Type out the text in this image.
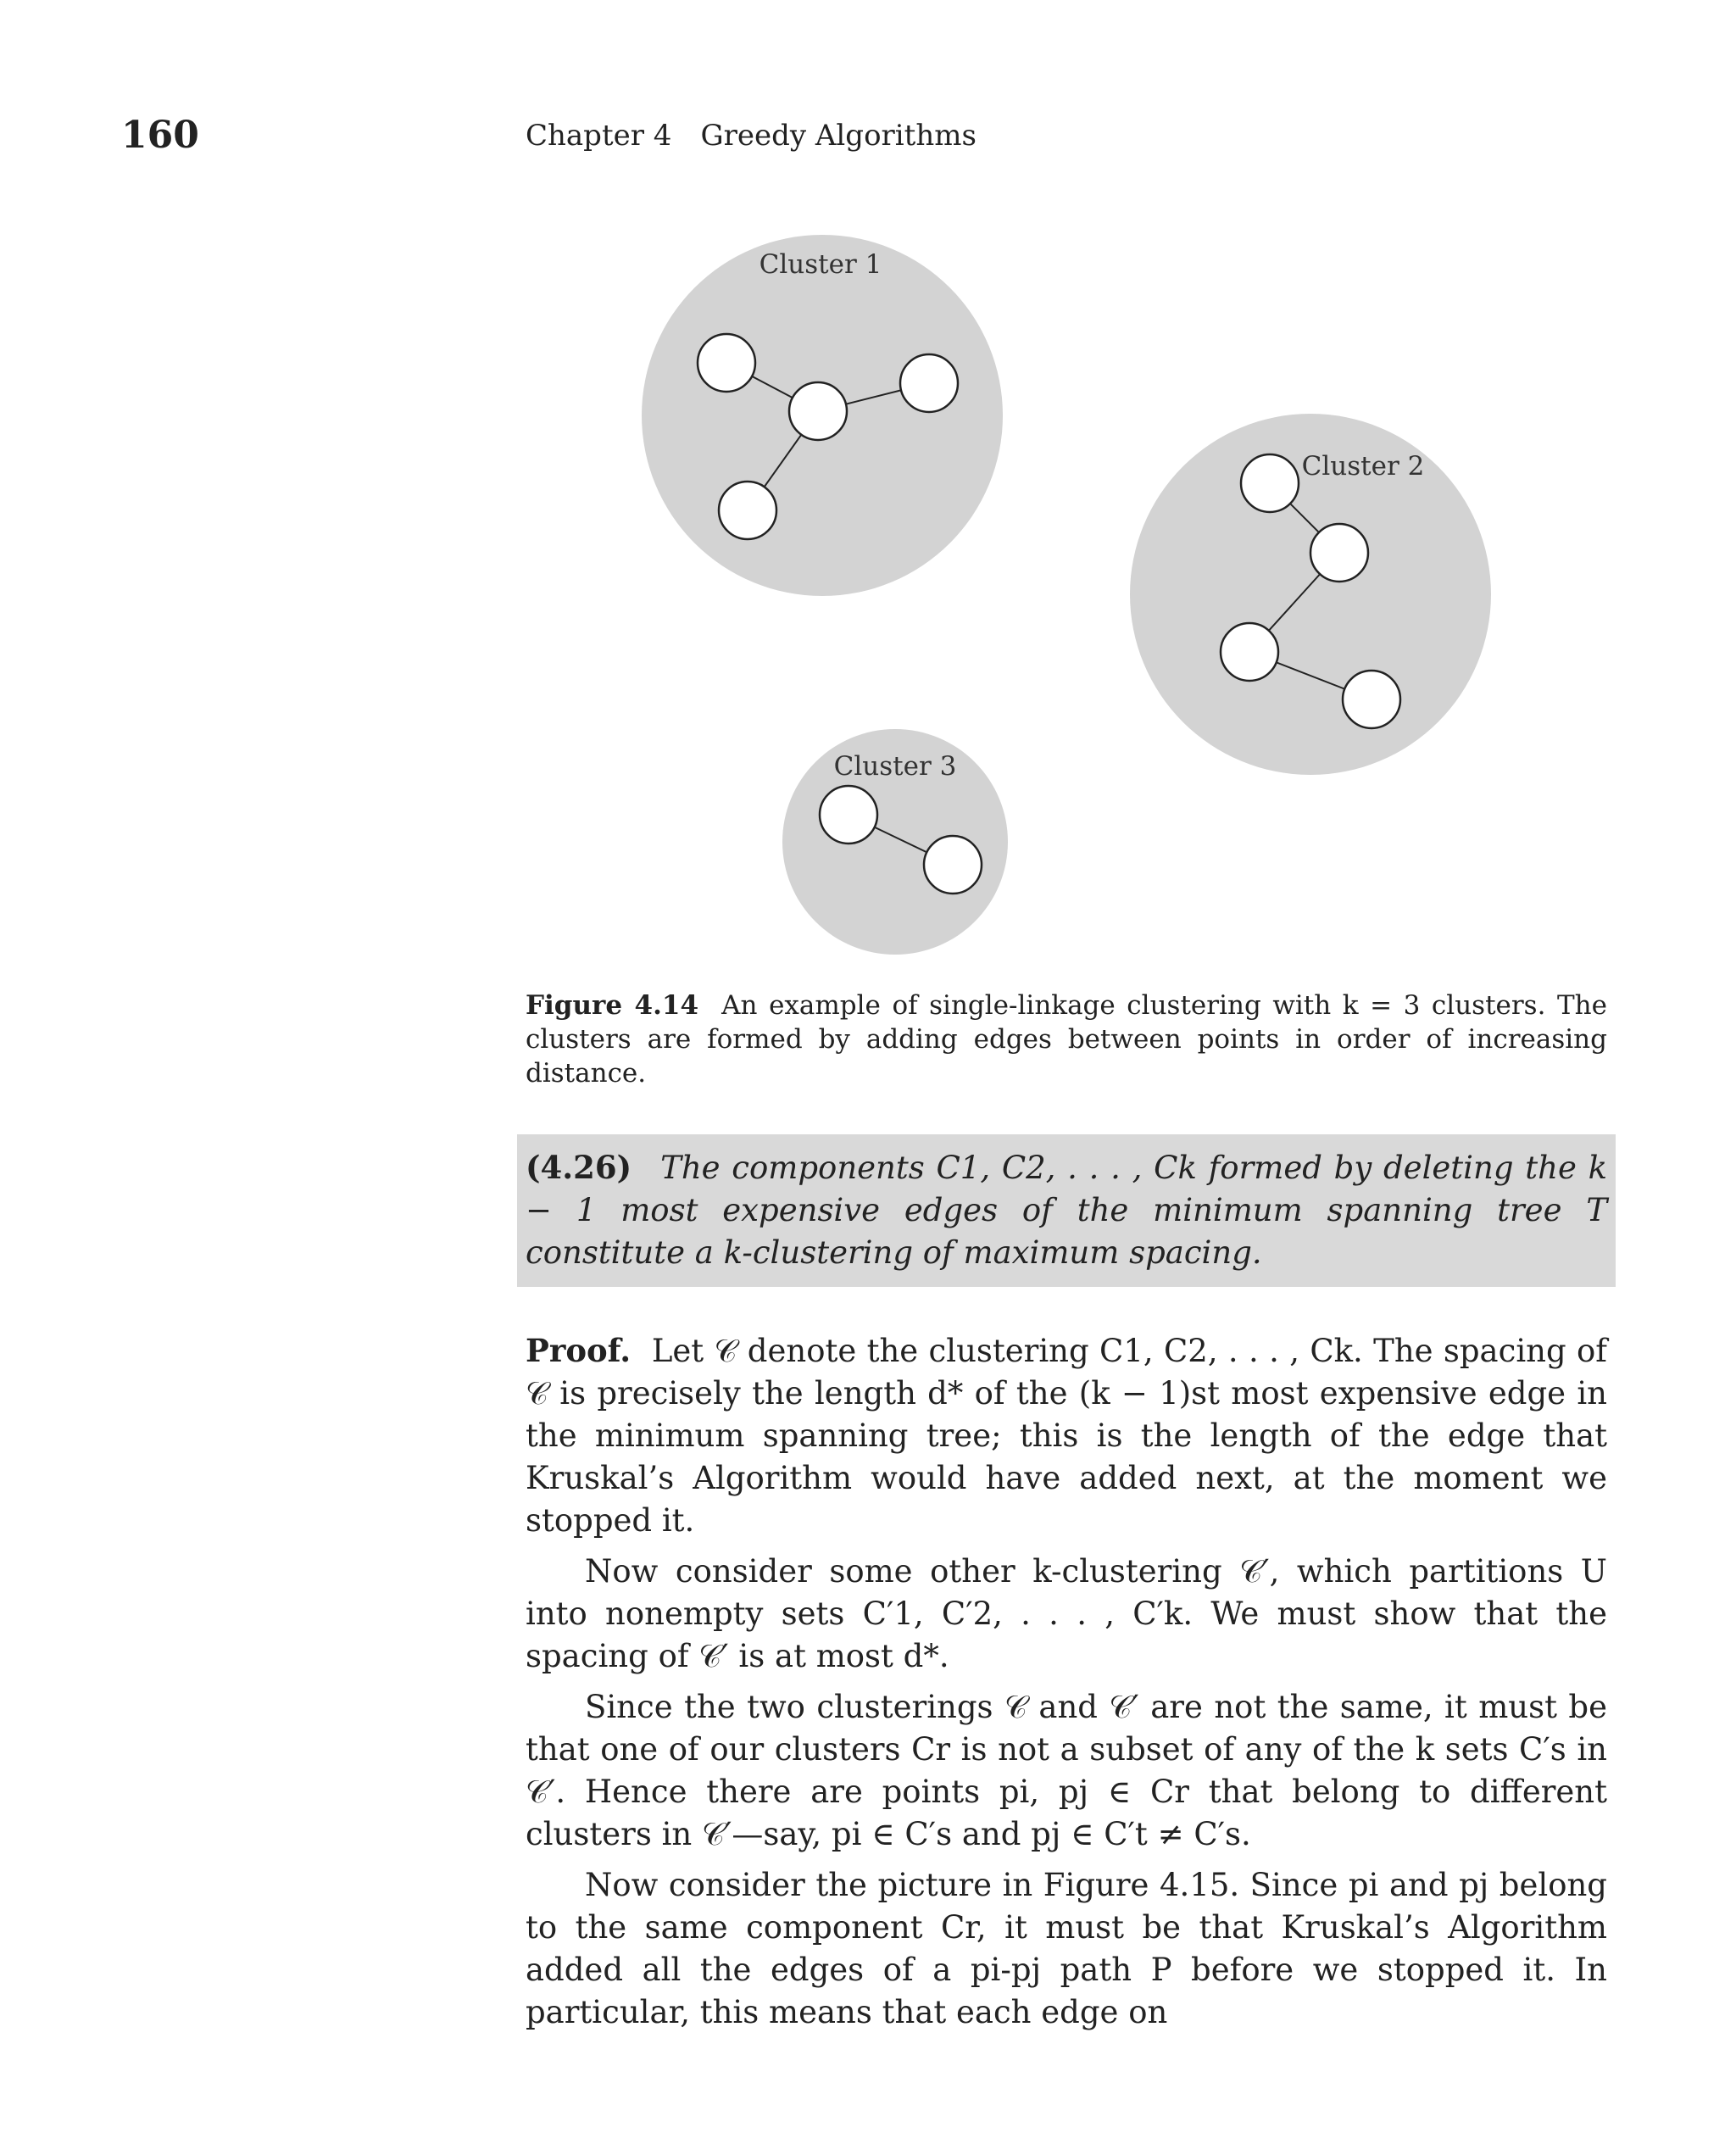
160	Chapter 4 Greedy Algorithms
Cluster 1
Cluster 2
Cluster 3
Figure 4.14 An example of single-linkage clustering with k = 3 clusters. The clusters are formed by adding edges between points in order of increasing distance.
(4.26) The components C1, C2, . . . , Ck formed by deleting the k − 1 most expensive edges of the minimum spanning tree T constitute a k-clustering of maximum spacing.

Proof. Let 𝒞 denote the clustering C1, C2, . . . , Ck. The spacing of 𝒞 is precisely the length d* of the (k − 1)st most expensive edge in the minimum spanning tree; this is the length of the edge that Kruskal’s Algorithm would have added next, at the moment we stopped it.

Now consider some other k-clustering 𝒞′, which partitions U into nonempty sets C′1, C′2, . . . , C′k. We must show that the spacing of 𝒞′ is at most d*.

Since the two clusterings 𝒞 and 𝒞′ are not the same, it must be that one of our clusters Cr is not a subset of any of the k sets C′s in 𝒞′. Hence there are points pi, pj ∈ Cr that belong to different clusters in 𝒞′—say, pi ∈ C′s and pj ∈ C′t ≠ C′s.

Now consider the picture in Figure 4.15. Since pi and pj belong to the same component Cr, it must be that Kruskal’s Algorithm added all the edges of a pi-pj path P before we stopped it. In particular, this means that each edge on
